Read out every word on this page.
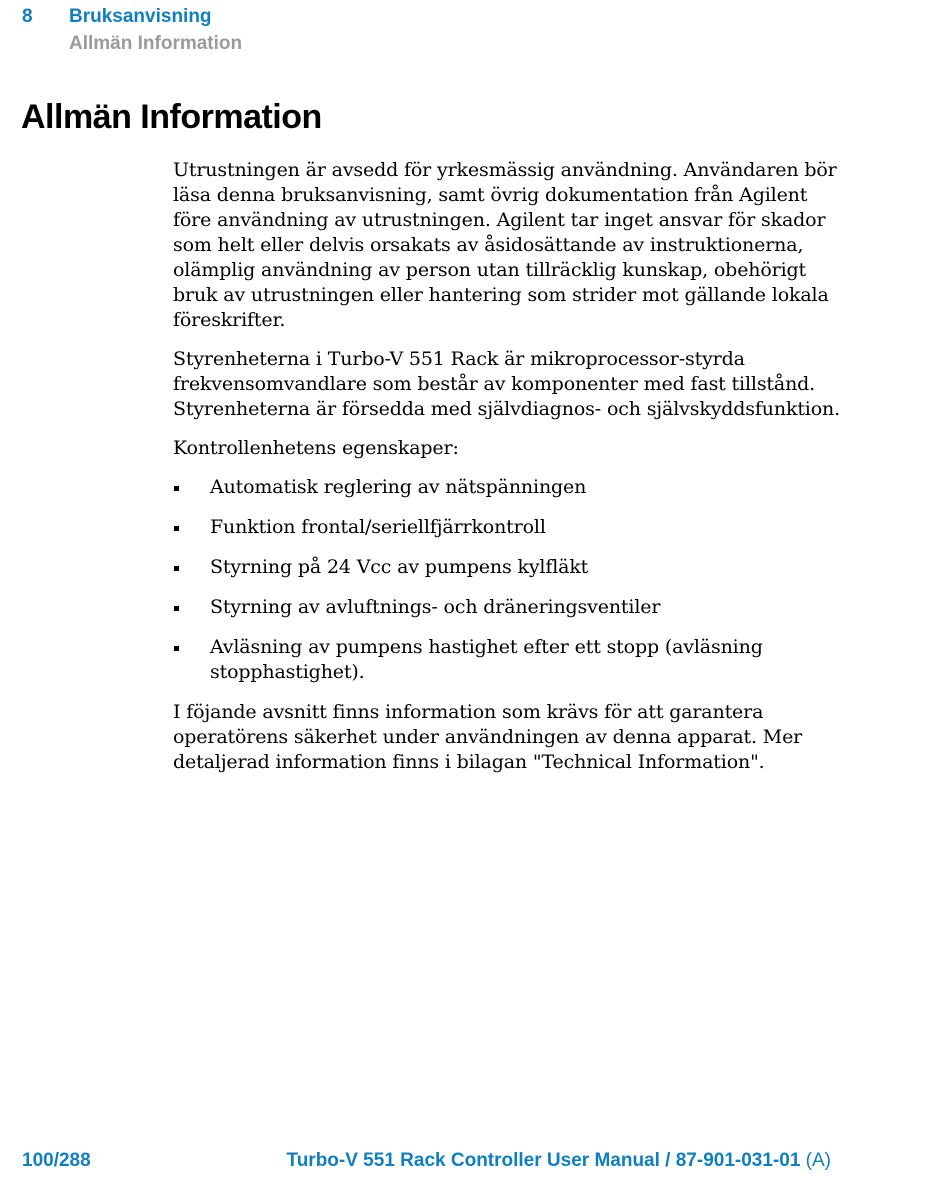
8	Bruksanvisning
Allmän Information
Allmän Information

Utrustningen är avsedd för yrkesmässig användning. Användaren bör läsa denna bruksanvisning, samt övrig dokumentation från Agilent före användning av utrustningen. Agilent tar inget ansvar för skador som helt eller delvis orsakats av åsidosättande av instruktionerna, olämplig användning av person utan tillräcklig kunskap, obehörigt bruk av utrustningen eller hantering som strider mot gällande lokala föreskrifter.

Styrenheterna i Turbo-V 551 Rack är mikroprocessor-styrda frekvensomvandlare som består av komponenter med fast tillstånd. Styrenheterna är försedda med självdiagnos- och självskyddsfunktion.

Kontrollenhetens egenskaper:

Automatisk reglering av nätspänningen
Funktion frontal/seriellfjärrkontroll
Styrning på 24 Vcc av pumpens kylfläkt
Styrning av avluftnings- och dräneringsventiler
Avläsning av pumpens hastighet efter ett stopp (avläsning stopphastighet).

I föjande avsnitt finns information som krävs för att garantera operatörens säkerhet under användningen av denna apparat. Mer detaljerad information finns i bilagan "Technical Information".

100/288	Turbo-V 551 Rack Controller User Manual / 87-901-031-01 (A)
